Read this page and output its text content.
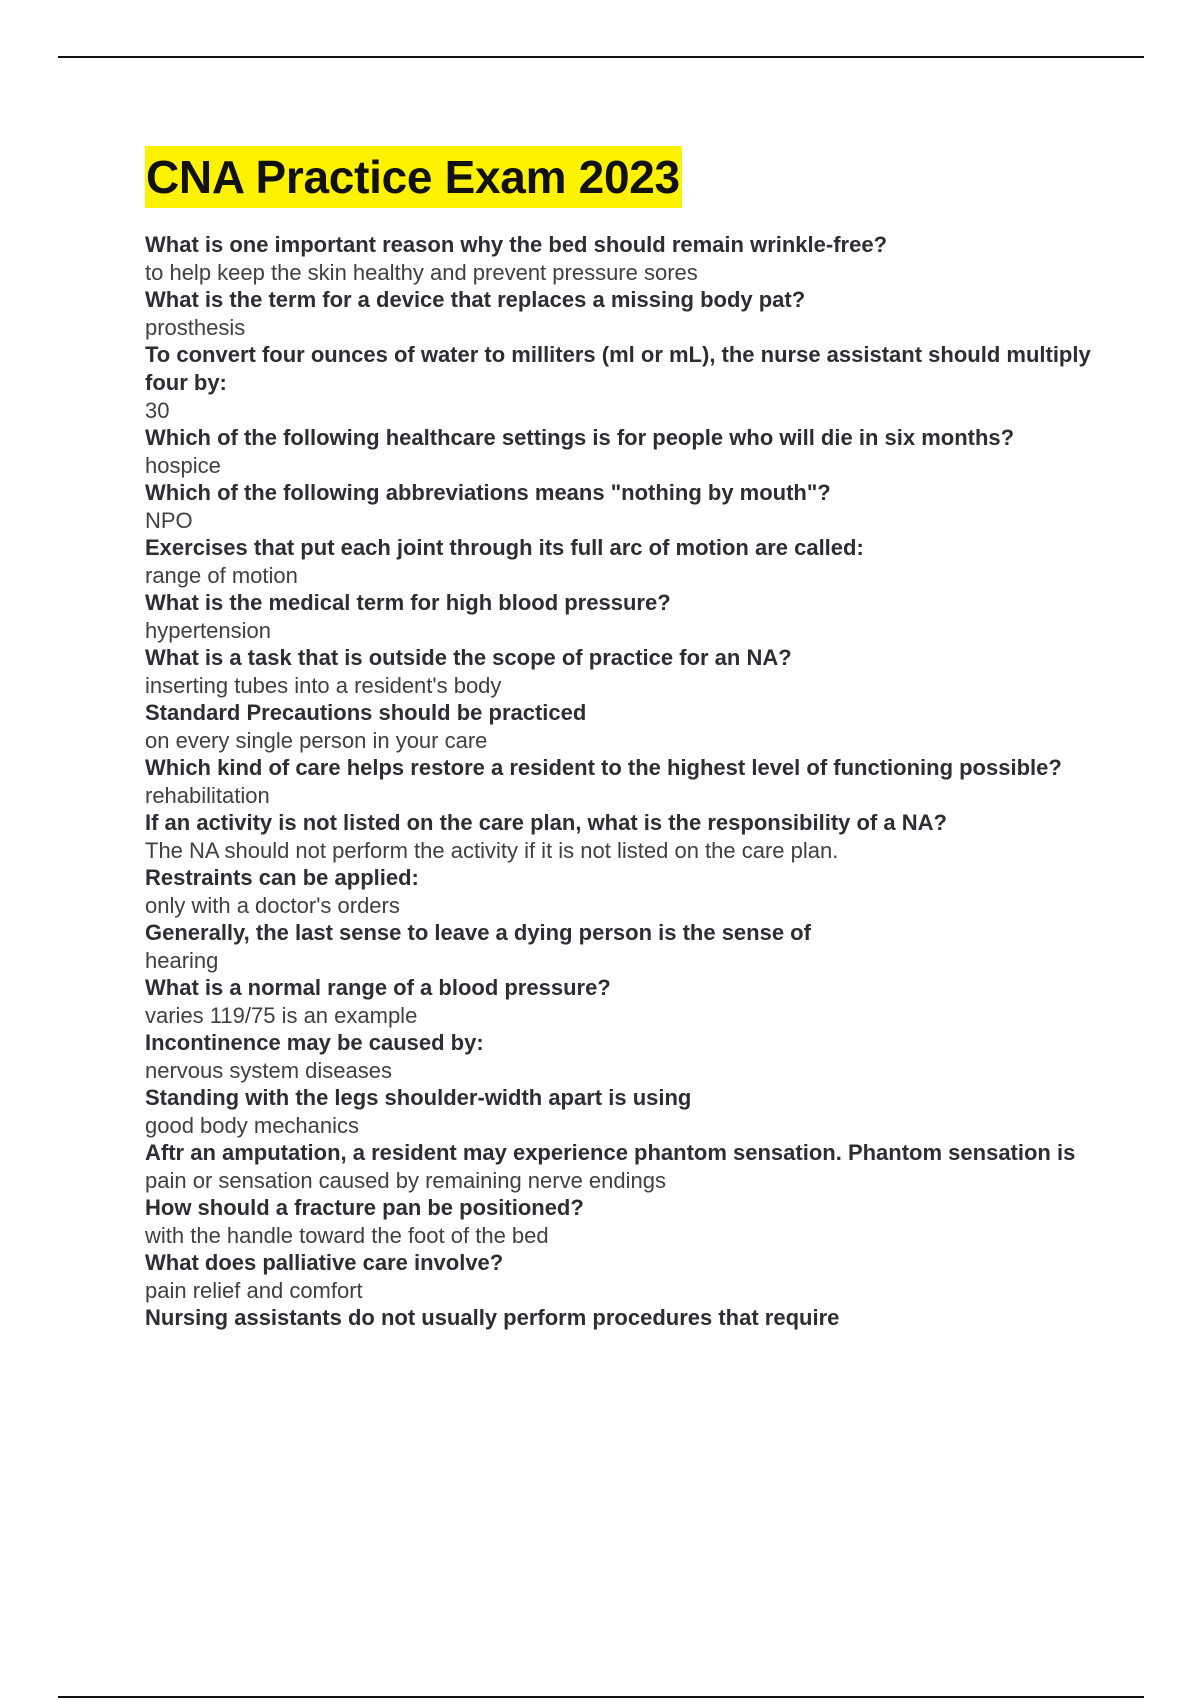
CNA Practice Exam 2023
What is one important reason why the bed should remain wrinkle-free?
to help keep the skin healthy and prevent pressure sores
What is the term for a device that replaces a missing body pat?
prosthesis
To convert four ounces of water to milliters (ml or mL), the nurse assistant should multiply four by:
30
Which of the following healthcare settings is for people who will die in six months?
hospice
Which of the following abbreviations means "nothing by mouth"?
NPO
Exercises that put each joint through its full arc of motion are called:
range of motion
What is the medical term for high blood pressure?
hypertension
What is a task that is outside the scope of practice for an NA?
inserting tubes into a resident's body
Standard Precautions should be practiced
on every single person in your care
Which kind of care helps restore a resident to the highest level of functioning possible?
rehabilitation
If an activity is not listed on the care plan, what is the responsibility of a NA?
The NA should not perform the activity if it is not listed on the care plan.
Restraints can be applied:
only with a doctor's orders
Generally, the last sense to leave a dying person is the sense of
hearing
What is a normal range of a blood pressure?
varies 119/75 is an example
Incontinence may be caused by:
nervous system diseases
Standing with the legs shoulder-width apart is using
good body mechanics
Aftr an amputation, a resident may experience phantom sensation. Phantom sensation is
pain or sensation caused by remaining nerve endings
How should a fracture pan be positioned?
with the handle toward the foot of the bed
What does palliative care involve?
pain relief and comfort
Nursing assistants do not usually perform procedures that require
